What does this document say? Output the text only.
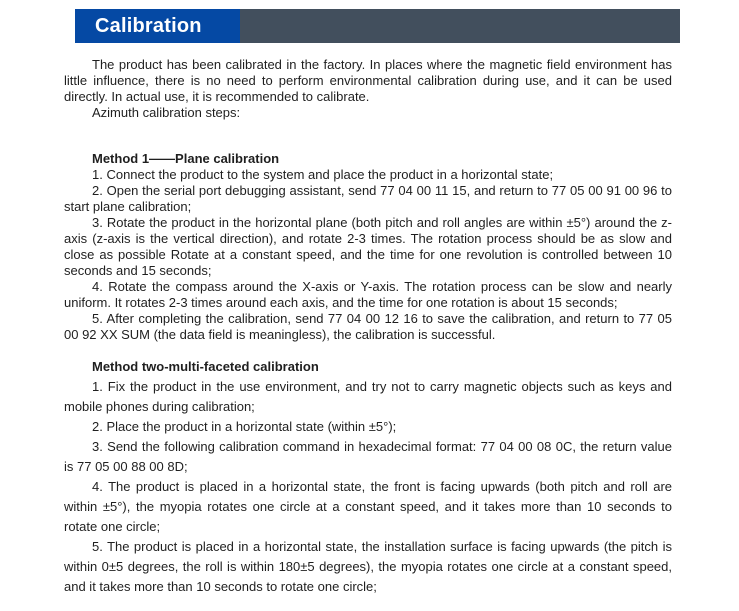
Calibration

The product has been calibrated in the factory. In places where the magnetic field environment has little influence, there is no need to perform environmental calibration during use, and it can be used directly. In actual use, it is recommended to calibrate.

Azimuth calibration steps:

Method 1——Plane calibration

1. Connect the product to the system and place the product in a horizontal state;

2. Open the serial port debugging assistant, send 77 04 00 11 15, and return to 77 05 00 91 00 96 to start plane calibration;

3. Rotate the product in the horizontal plane (both pitch and roll angles are within ±5°) around the z-axis (z-axis is the vertical direction), and rotate 2-3 times. The rotation process should be as slow and close as possible Rotate at a constant speed, and the time for one revolution is controlled between 10 seconds and 15 seconds;

4. Rotate the compass around the X-axis or Y-axis. The rotation process can be slow and nearly uniform. It rotates 2-3 times around each axis, and the time for one rotation is about 15 seconds;

5. After completing the calibration, send 77 04 00 12 16 to save the calibration, and return to 77 05 00 92 XX SUM (the data field is meaningless), the calibration is successful.

Method two-multi-faceted calibration

1. Fix the product in the use environment, and try not to carry magnetic objects such as keys and mobile phones during calibration;

2. Place the product in a horizontal state (within ±5°);

3. Send the following calibration command in hexadecimal format: 77 04 00 08 0C, the return value is 77 05 00 88 00 8D;

4. The product is placed in a horizontal state, the front is facing upwards (both pitch and roll are within ±5°), the myopia rotates one circle at a constant speed, and it takes more than 10 seconds to rotate one circle;

5. The product is placed in a horizontal state, the installation surface is facing upwards (the pitch is within 0±5 degrees, the roll is within 180±5 degrees), the myopia rotates one circle at a constant speed, and it takes more than 10 seconds to rotate one circle;
